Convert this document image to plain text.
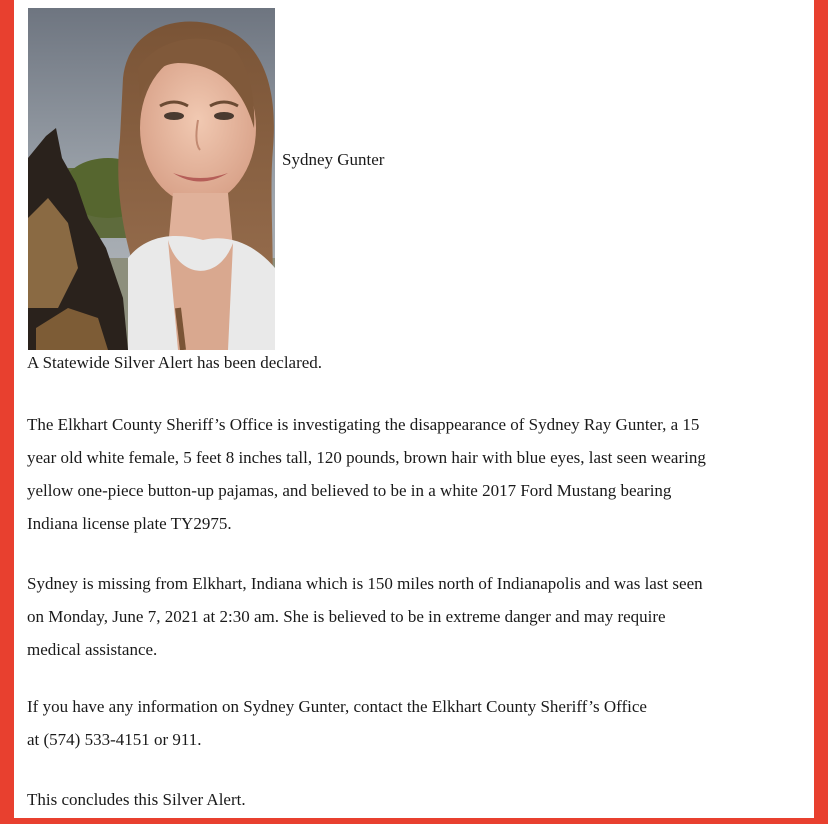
Sydney Gunter

A Statewide Silver Alert has been declared.

The Elkhart County Sheriff’s Office is investigating the disappearance of Sydney Ray Gunter, a 15
year old white female, 5 feet 8 inches tall, 120 pounds, brown hair with blue eyes, last seen wearing
yellow one-piece button-up pajamas, and believed to be in a white 2017 Ford Mustang bearing
Indiana license plate TY2975.

Sydney is missing from Elkhart, Indiana which is 150 miles north of Indianapolis and was last seen
on Monday, June 7, 2021 at 2:30 am. She is believed to be in extreme danger and may require
medical assistance.

If you have any information on Sydney Gunter, contact the Elkhart County Sheriff’s Office
at (574) 533-4151 or 911.

This concludes this Silver Alert.
